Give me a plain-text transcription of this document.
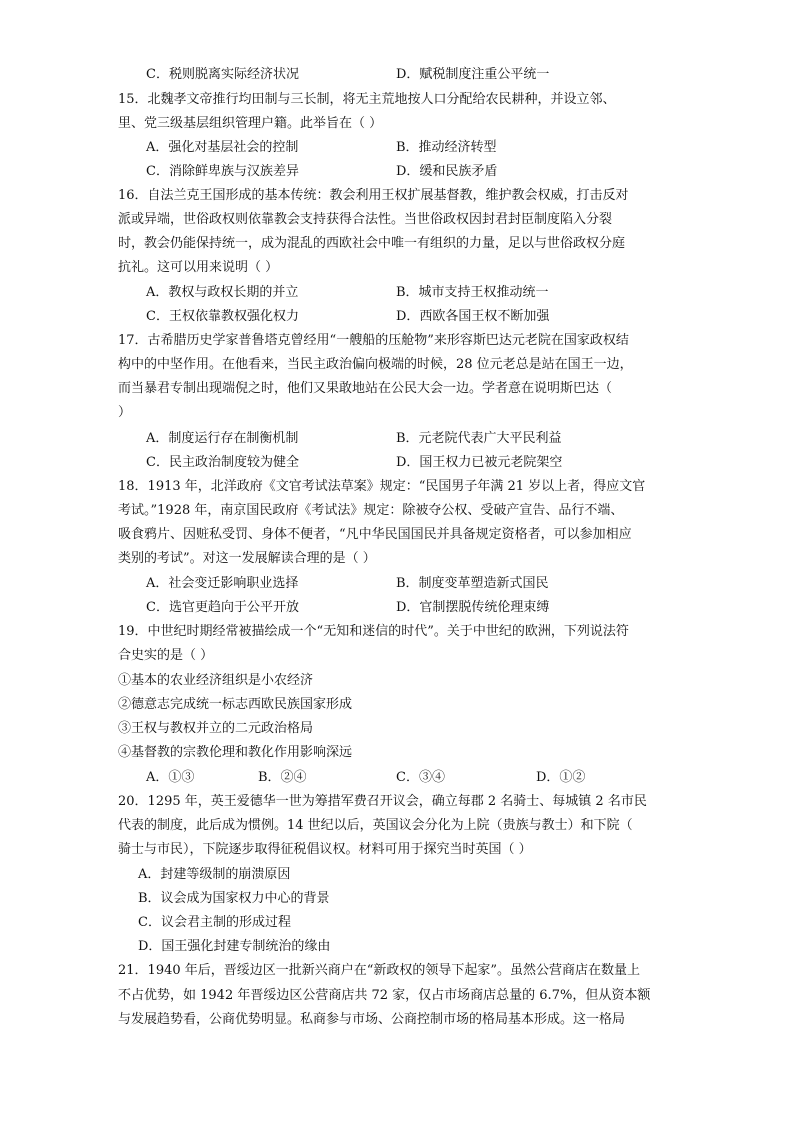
C．税则脱离实际经济状况	D．赋税制度注重公平统一
15．北魏孝文帝推行均田制与三长制，将无主荒地按人口分配给农民耕种，并设立邻、
里、党三级基层组织管理户籍。此举旨在（ ）
A．强化对基层社会的控制	B．推动经济转型
C．消除鲜卑族与汉族差异	D．缓和民族矛盾
16．自法兰克王国形成的基本传统：教会利用王权扩展基督教，维护教会权威，打击反对
派或异端，世俗政权则依靠教会支持获得合法性。当世俗政权因封君封臣制度陷入分裂
时，教会仍能保持统一，成为混乱的西欧社会中唯一有组织的力量，足以与世俗政权分庭
抗礼。这可以用来说明（ ）
A．教权与政权长期的并立	B．城市支持王权推动统一
C．王权依靠教权强化权力	D．西欧各国王权不断加强
17．古希腊历史学家普鲁塔克曾经用“一艘船的压舱物”来形容斯巴达元老院在国家政权结
构中的中坚作用。在他看来，当民主政治偏向极端的时候，28 位元老总是站在国王一边，
而当暴君专制出现端倪之时，他们又果敢地站在公民大会一边。学者意在说明斯巴达（
）
A．制度运行存在制衡机制	B．元老院代表广大平民利益
C．民主政治制度较为健全	D．国王权力已被元老院架空
18．1913 年，北洋政府《文官考试法草案》规定：“民国男子年满 21 岁以上者，得应文官
考试。”1928 年，南京国民政府《考试法》规定：除被夺公权、受破产宣告、品行不端、
吸食鸦片、因赃私受罚、身体不便者，“凡中华民国国民并具备规定资格者，可以参加相应
类别的考试”。对这一发展解读合理的是（ ）
A．社会变迁影响职业选择	B．制度变革塑造新式国民
C．选官更趋向于公平开放	D．官制摆脱传统伦理束缚
19．中世纪时期经常被描绘成一个“无知和迷信的时代”。关于中世纪的欧洲，下列说法符
合史实的是（ ）
①基本的农业经济组织是小农经济
②德意志完成统一标志西欧民族国家形成
③王权与教权并立的二元政治格局
④基督教的宗教伦理和教化作用影响深远
A．①③	B．②④	C．③④	D．①②
20．1295 年，英王爱德华一世为筹措军费召开议会，确立每郡 2 名骑士、每城镇 2 名市民
代表的制度，此后成为惯例。14 世纪以后，英国议会分化为上院（贵族与教士）和下院（
骑士与市民），下院逐步取得征税倡议权。材料可用于探究当时英国（ ）
A．封建等级制的崩溃原因
B．议会成为国家权力中心的背景
C．议会君主制的形成过程
D．国王强化封建专制统治的缘由
21．1940 年后，晋绥边区一批新兴商户在“新政权的领导下起家”。虽然公营商店在数量上
不占优势，如 1942 年晋绥边区公营商店共 72 家，仅占市场商店总量的 6.7%，但从资本额
与发展趋势看，公商优势明显。私商参与市场、公商控制市场的格局基本形成。这一格局
